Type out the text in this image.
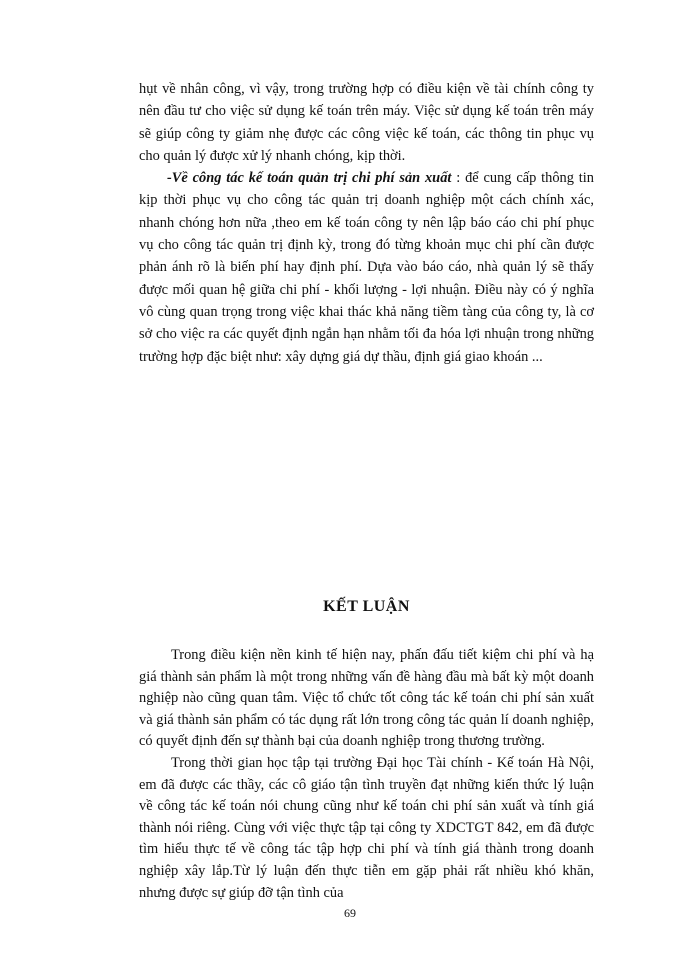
hụt về nhân công, vì vậy, trong trường hợp có điều kiện về tài chính công ty nên đầu tư cho việc sử dụng kế toán trên máy. Việc sử dụng kế toán trên máy sẽ giúp công ty giảm nhẹ được các công việc kế toán, các thông tin phục vụ cho quản lý được xử lý nhanh chóng, kịp thời.

-Về công tác kế toán quản trị chi phí sản xuất : để cung cấp thông tin kịp thời phục vụ cho công tác quản trị doanh nghiệp một cách chính xác, nhanh chóng hơn nữa ,theo em kế toán công ty nên lập báo cáo chi phí phục vụ cho công tác quản trị định kỳ, trong đó từng khoản mục chi phí cần được phản ánh rõ là biến phí hay định phí. Dựa vào báo cáo, nhà quản lý sẽ thấy được mối quan hệ giữa chi phí - khối lượng - lợi nhuận. Điều này có ý nghĩa vô cùng quan trọng trong việc khai thác khả năng tiềm tàng của công ty, là cơ sở cho việc ra các quyết định ngắn hạn nhằm tối đa hóa lợi nhuận trong những trường hợp đặc biệt như: xây dựng giá dự thầu, định giá giao khoán ...

KẾT LUẬN

Trong điều kiện nền kinh tế hiện nay, phấn đấu tiết kiệm chi phí và hạ giá thành sản phẩm là một trong những vấn đề hàng đầu mà bất kỳ một doanh nghiệp nào cũng quan tâm. Việc tổ chức tốt công tác kế toán chi phí sản xuất và giá thành sản phẩm có tác dụng rất lớn trong công tác quản lí doanh nghiệp, có quyết định đến sự thành bại của doanh nghiệp trong thương trường.

Trong thời gian học tập tại trường Đại học Tài chính - Kế toán Hà Nội, em đã được các thầy, các cô giáo tận tình truyền đạt những kiến thức lý luận về công tác kế toán nói chung cũng như kế toán chi phí sản xuất và tính giá thành nói riêng. Cùng với việc thực tập tại công ty XDCTGT 842, em đã được tìm hiểu thực tế về công tác tập hợp chi phí và tính giá thành trong doanh nghiệp xây lắp.Từ lý luận đến thực tiễn em gặp phải rất nhiều khó khăn, nhưng được sự giúp đỡ tận tình của

69
